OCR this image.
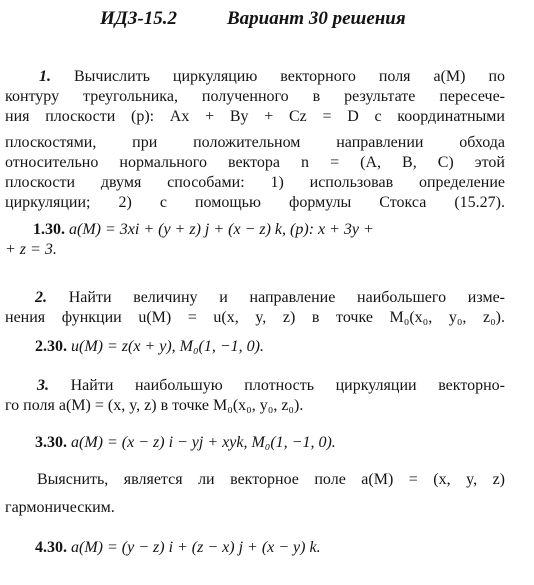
ИДЗ-15.2	Вариант 30 решения
1. Вычислить циркуляцию векторного поля a(M) по
контуру треугольника, полученного в результате пересече-
ния плоскости (p): Ax + By + Cz = D с координатными
плоскостями, при положительном направлении обхода
относительно нормального вектора n = (A, B, C) этой
плоскости двумя способами: 1) использовав определение
циркуляции; 2) с помощью формулы Стокса (15.27).
1.30. a(M) = 3xi + (y + z) j + (x − z) k, (p): x + 3y +
+ z = 3.
2. Найти величину и направление наибольшего изме-
нения функции u(M) = u(x, y, z) в точке M₀(x₀, y₀, z₀).
2.30. u(M) = z(x + y), M₀(1, −1, 0).
3. Найти наибольшую плотность циркуляции векторно-
го поля a(M) = (x, y, z) в точке M₀(x₀, y₀, z₀).
3.30. a(M) = (x − z) i − yj + xyk, M₀(1, −1, 0).
Выяснить, является ли векторное поле a(M) = (x, y, z)
гармоническим.
4.30. a(M) = (y − z) i + (z − x) j + (x − y) k.
